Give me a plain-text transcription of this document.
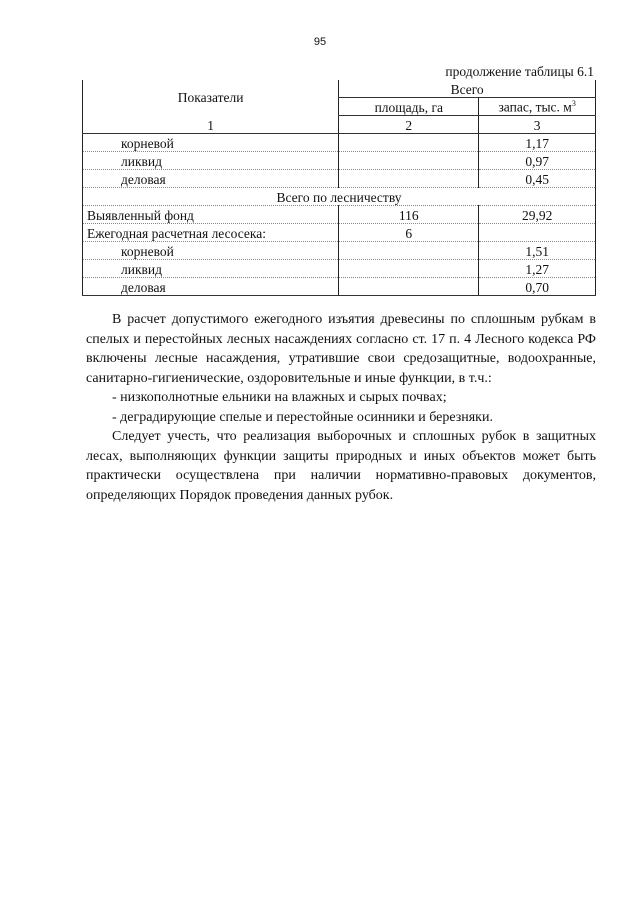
95
продолжение таблицы 6.1
Показатели	Всего	
	площадь, га	запас, тыс. $м^3$
1	2	3
корневой		1,17
ликвид		0,97
деловая		0,45
Всего по лесничеству		
Выявленный фонд	116	29,92
Ежегодная расчетная лесосека:	6	
корневой		1,51
ликвид		1,27
деловая		0,70

В расчет допустимого ежегодного изъятия древесины по сплошным рубкам в спелых и перестойных лесных насаждениях согласно ст. 17 п. 4 Лесного кодекса РФ включены лесные насаждения, утратившие свои средозащитные, водоохранные, санитарно-гигиенические, оздоровительные и иные функции, в т.ч.:

- низкополнотные ельники на влажных и сырых почвах;

- деградирующие спелые и перестойные осинники и березняки.

Следует учесть, что реализация выборочных и сплошных рубок в защитных лесах, выполняющих функции защиты природных и иных объектов может быть практически осуществлена при наличии нормативно-правовых документов, определяющих Порядок проведения данных рубок.
